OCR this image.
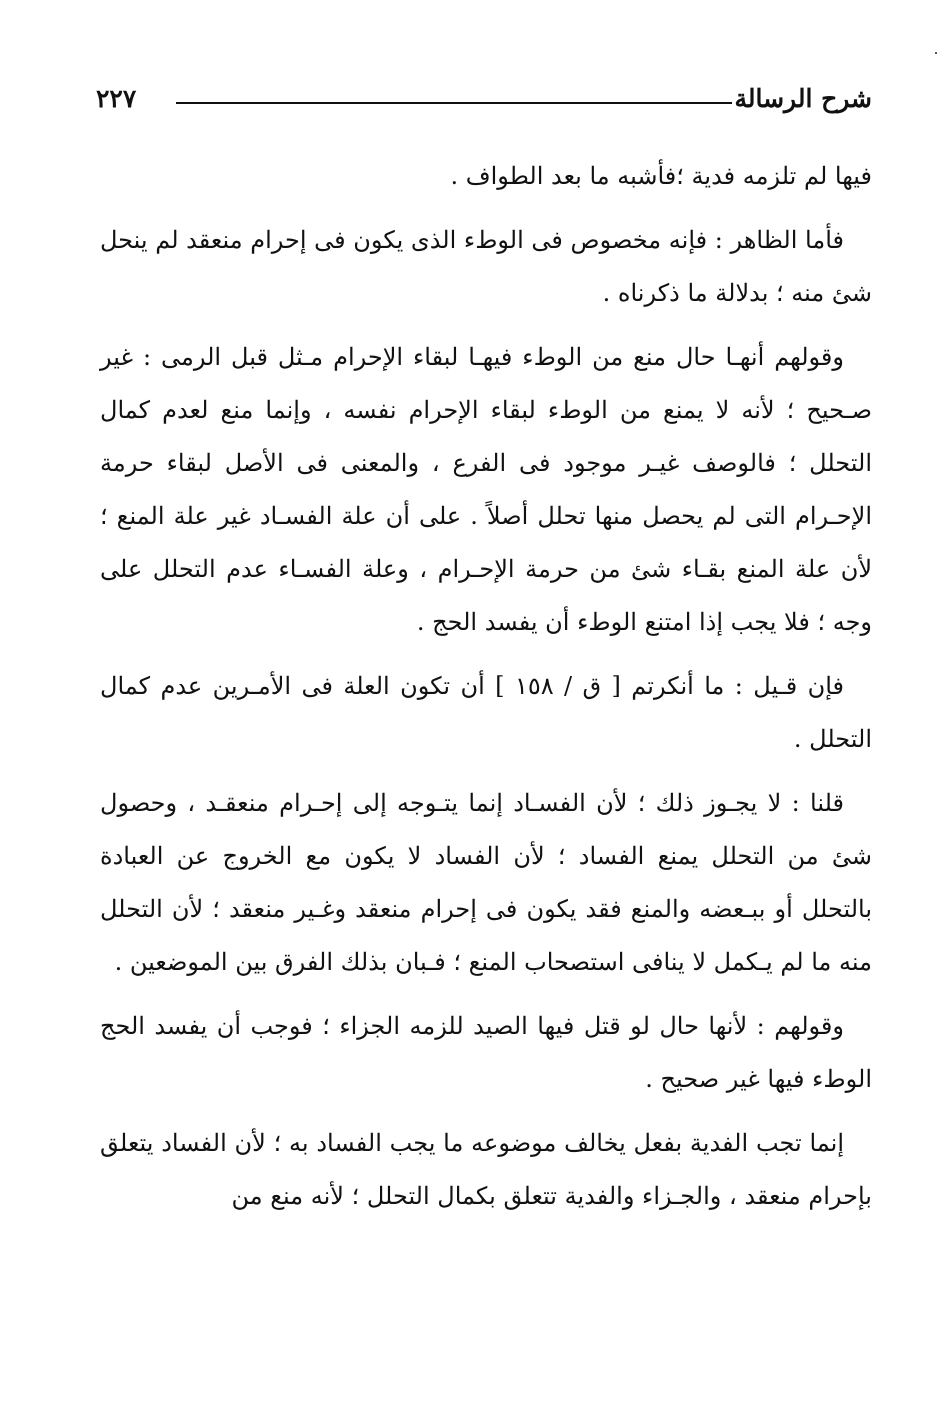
شرح الرسالة
٢٢٧

فيها لم تلزمه فدية ؛فأشبه ما بعد الطواف .

فأما الظاهر : فإنه مخصوص فى الوطء الذى يكون فى إحرام منعقد لم ينحل شئ منه ؛ بدلالة ما ذكرناه .

وقولهم أنهـا حال منع من الوطء فيهـا لبقاء الإحرام مـثل قبل الرمى : غير صـحيح ؛ لأنه لا يمنع من الوطء لبقاء الإحرام نفسه ، وإنما منع لعدم كمال التحلل ؛ فالوصف غيـر موجود فى الفرع ، والمعنى فى الأصل لبقاء حرمة الإحـرام التى لم يحصل منها تحلل أصلاً . على أن علة الفسـاد غير علة المنع ؛ لأن علة المنع بقـاء شئ من حرمة الإحـرام ، وعلة الفسـاء عدم التحلل على وجه ؛ فلا يجب إذا امتنع الوطء أن يفسد الحج .

فإن قـيل : ما أنكرتم [ ق / ١٥٨ ] أن تكون العلة فى الأمـرين عدم كمال التحلل .

قلنا : لا يجـوز ذلك ؛ لأن الفسـاد إنما يتـوجه إلى إحـرام منعقـد ، وحصول شئ من التحلل يمنع الفساد ؛ لأن الفساد لا يكون مع الخروج عن العبادة بالتحلل أو ببـعضه والمنع فقد يكون فى إحرام منعقد وغـير منعقد ؛ لأن التحلل منه ما لم يـكمل لا ينافى استصحاب المنع ؛ فـبان بذلك الفرق بين الموضعين .

وقولهم : لأنها حال لو قتل فيها الصيد للزمه الجزاء ؛ فوجب أن يفسد الحج الوطء فيها غير صحيح .

إنما تجب الفدية بفعل يخالف موضوعه ما يجب الفساد به ؛ لأن الفساد يتعلق بإحرام منعقد ، والجـزاء والفدية تتعلق بكمال التحلل ؛ لأنه منع من
